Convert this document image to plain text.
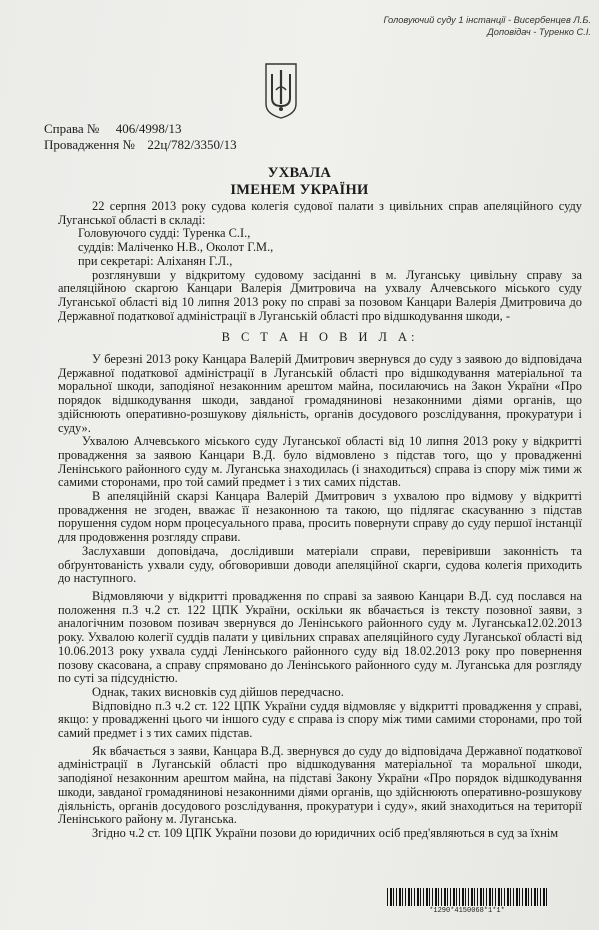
Головуючий суду 1 інстанції - Висербенцев Л.Б.
Доповідач - Туренко С.І.
Справа № 406/4998/13
Провадження № 22ц/782/3350/13
УХВАЛА
ІМЕНЕМ УКРАЇНИ

22 серпня 2013 року судова колегія судової палати з цивільних справ апеляційного суду Луганської області в складі:

Головуючого судді: Туренка С.І.,

суддів: Маліченко Н.В., Околот Г.М.,

при секретарі: Аліханян Г.Л.,

розглянувши у відкритому судовому засіданні в м. Луганську цивільну справу за апеляційною скаргою Канцари Валерія Дмитровича на ухвалу Алчевського міського суду Луганської області від 10 липня 2013 року по справі за позовом Канцари Валерія Дмитровича до Державної податкової адміністрації в Луганській області про відшкодування шкоди, -

В С Т А Н О В И Л А:

У березні 2013 року Канцара Валерій Дмитрович звернувся до суду з заявою до відповідача Державної податкової адміністрації в Луганській області про відшкодування матеріальної та моральної шкоди, заподіяної незаконним арештом майна, посилаючись на Закон України «Про порядок відшкодування шкоди, завданої громадянинові незаконними діями органів, що здійснюють оперативно-розшукову діяльність, органів досудового розслідування, прокуратури і суду».

Ухвалою Алчевського міського суду Луганської області від 10 липня 2013 року у відкритті провадження за заявою Канцари В.Д. було відмовлено з підстав того, що у провадженні Ленінського районного суду м. Луганська знаходилась (і знаходиться) справа із спору між тими ж самими сторонами, про той самий предмет і з тих самих підстав.

В апеляційній скарзі Канцара Валерій Дмитрович з ухвалою про відмову у відкритті провадження не згоден, вважає її незаконною та такою, що підлягає скасуванню з підстав порушення судом норм процесуального права, просить повернути справу до суду першої інстанції для продовження розгляду справи.

Заслухавши доповідача, дослідивши матеріали справи, перевіривши законність та обґрунтованість ухвали суду, обговоривши доводи апеляційної скарги, судова колегія приходить до наступного.

Відмовляючи у відкритті провадження по справі за заявою Канцари В.Д. суд послався на положення п.3 ч.2 ст. 122 ЦПК України, оскільки як вбачається із тексту позовної заяви, з аналогічним позовом позивач звернувся до Ленінського районного суду м. Луганська12.02.2013 року. Ухвалою колегії суддів палати у цивільних справах апеляційного суду Луганської області від 10.06.2013 року ухвала судді Ленінського районного суду від 18.02.2013 року про повернення позову скасована, а справу спрямовано до Ленінського районного суду м. Луганська для розгляду по суті за підсудністю.

Однак, таких висновків суд дійшов передчасно.

Відповідно п.3 ч.2 ст. 122 ЦПК України суддя відмовляє у відкритті провадження у справі, якщо: у провадженні цього чи іншого суду є справа із спору між тими самими сторонами, про той самий предмет і з тих самих підстав.

Як вбачається з заяви, Канцара В.Д. звернувся до суду до відповідача Державної податкової адміністрації в Луганській області про відшкодування матеріальної та моральної шкоди, заподіяної незаконним арештом майна, на підставі Закону України «Про порядок відшкодування шкоди, завданої громадянинові незаконними діями органів, що здійснюють оперативно-розшукову діяльність, органів досудового розслідування, прокуратури і суду», який знаходиться на території Ленінського району м. Луганська.

Згідно ч.2 ст. 109 ЦПК України позови до юридичних осіб пред'являються в суд за їхнім

*1290*4150068*1*1*
